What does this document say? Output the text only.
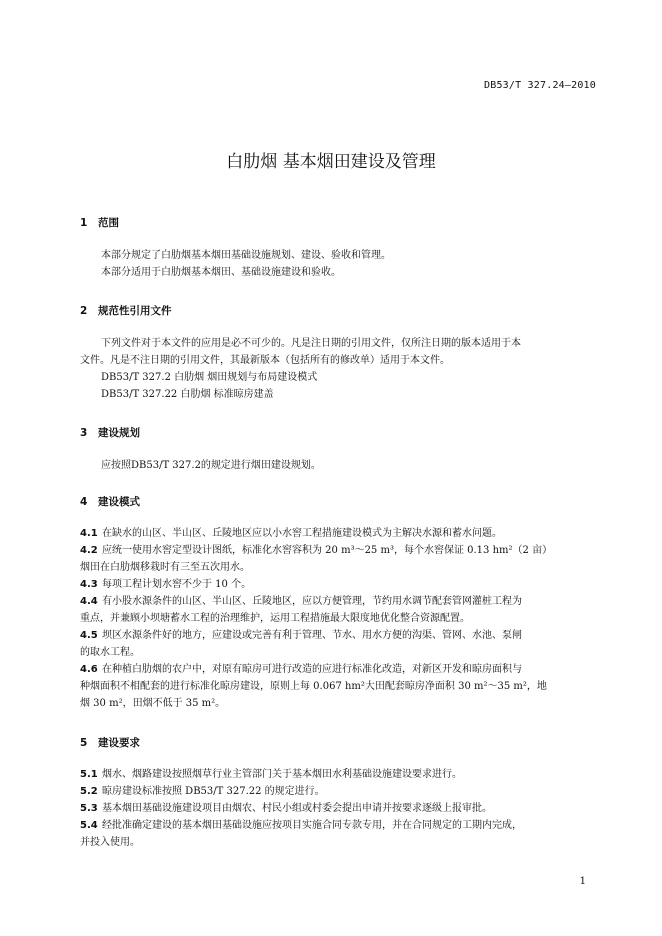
DB53/T 327.24—2010
白肋烟 基本烟田建设及管理
1 范围
本部分规定了白肋烟基本烟田基础设施规划、建设、验收和管理。
本部分适用于白肋烟基本烟田、基础设施建设和验收。
2 规范性引用文件
下列文件对于本文件的应用是必不可少的。凡是注日期的引用文件，仅所注日期的版本适用于本
文件。凡是不注日期的引用文件，其最新版本（包括所有的修改单）适用于本文件。
DB53/T 327.2 白肋烟 烟田规划与布局建设模式
DB53/T 327.22 白肋烟 标准晾房建盖
3 建设规划
应按照DB53/T 327.2的规定进行烟田建设规划。
4 建设模式
4.1 在缺水的山区、半山区、丘陵地区应以小水窖工程措施建设模式为主解决水源和蓄水问题。
4.2 应统一使用水窖定型设计图纸，标准化水窖容积为 20 m³～25 m³，每个水窖保证 0.13 hm²（2 亩）
烟田在白肋烟移栽时有三至五次用水。
4.3 每项工程计划水窖不少于 10 个。
4.4 有小股水源条件的山区、半山区、丘陵地区，应以方便管理，节约用水调节配套管网灌桩工程为
重点，并兼顾小坝塘蓄水工程的治理维护，运用工程措施最大限度地优化整合资源配置。
4.5 坝区水源条件好的地方，应建设或完善有利于管理、节水、用水方便的沟渠、管网、水池、泵闸
的取水工程。
4.6 在种植白肋烟的农户中，对原有晾房可进行改造的应进行标准化改造，对新区开发和晾房面积与
种烟面积不相配套的进行标准化晾房建设，原则上每 0.067 hm²大田配套晾房净面积 30 m²～35 m²，地
烟 30 m²，田烟不低于 35 m²。
5 建设要求
5.1 烟水、烟路建设按照烟草行业主管部门关于基本烟田水利基础设施建设要求进行。
5.2 晾房建设标准按照 DB53/T 327.22 的规定进行。
5.3 基本烟田基础设施建设项目由烟农、村民小组或村委会提出申请并按要求逐级上报审批。
5.4 经批准确定建设的基本烟田基础设施应按项目实施合同专款专用，并在合同规定的工期内完成，
并投入使用。
1
